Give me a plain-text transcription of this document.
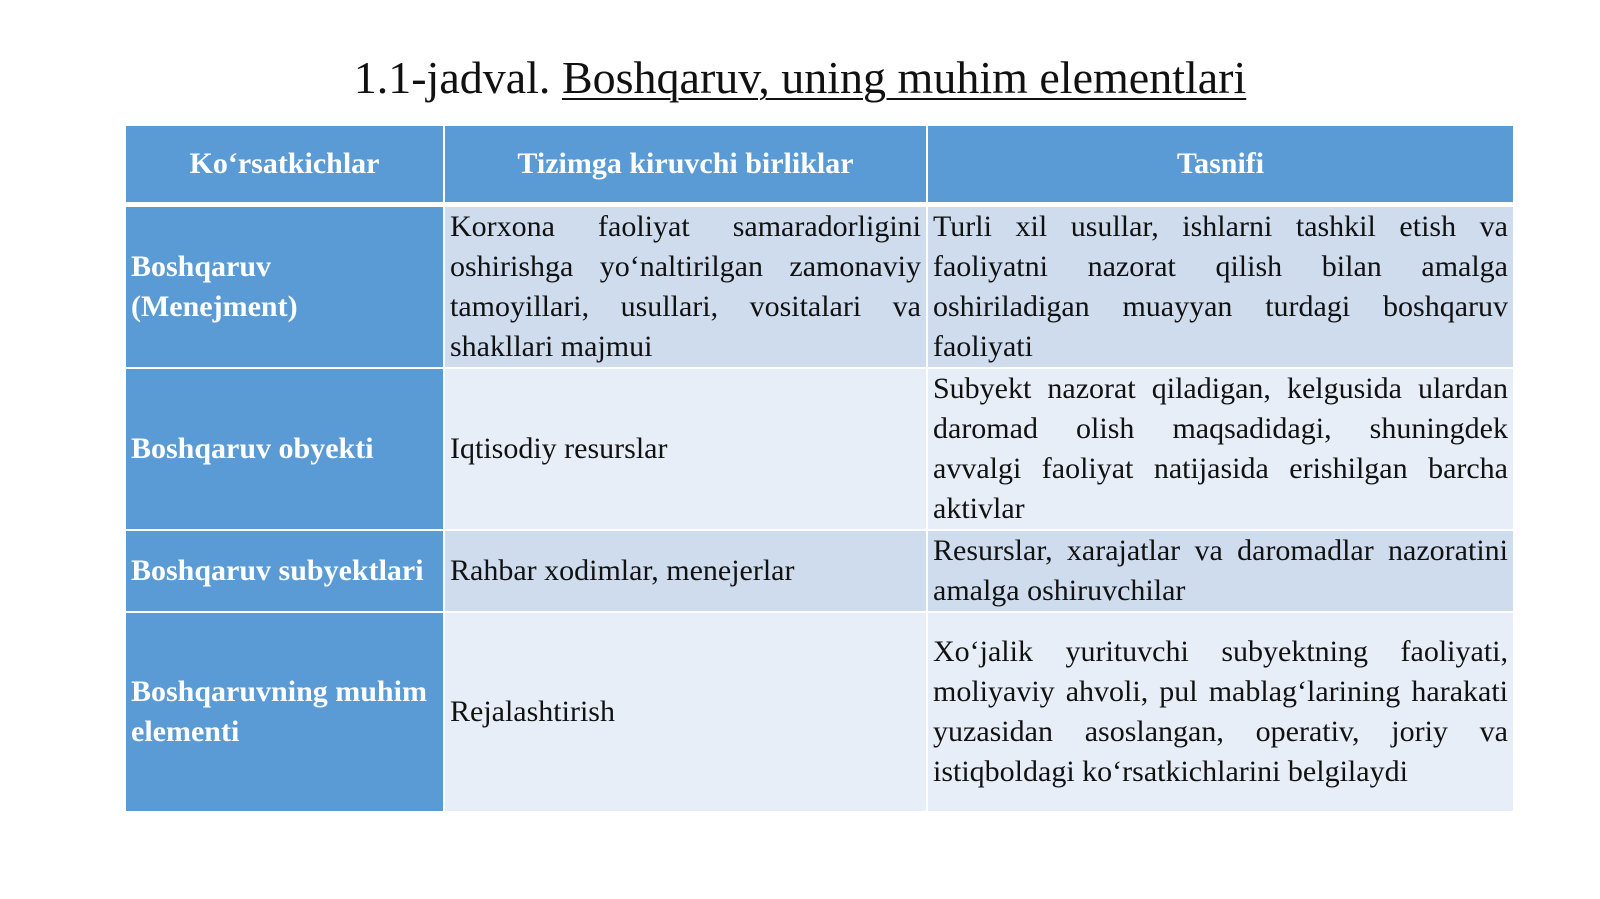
1.1-jadval. Boshqaruv, uning muhim elementlari
Ko‘rsatkichlar	Tizimga kiruvchi birliklar	Tasnifi
Boshqaruv (Menejment)	Korxona faoliyat samaradorligini oshirishga yo‘naltirilgan zamonaviy tamoyillari, usullari, vositalari va shakllari majmui	Turli xil usullar, ishlarni tashkil etish va faoliyatni nazorat qilish bilan amalga oshiriladigan muayyan turdagi boshqaruv faoliyati
Boshqaruv obyekti	Iqtisodiy resurslar	Subyekt nazorat qiladigan, kelgusida ulardan daromad olish maqsadidagi, shuningdek avvalgi faoliyat natijasida erishilgan barcha aktivlar
Boshqaruv subyektlari	Rahbar xodimlar, menejerlar	Resurslar, xarajatlar va daromadlar nazoratini amalga oshiruvchilar
Boshqaruvning muhim elementi	Rejalashtirish	Xo‘jalik yurituvchi subyektning faoliyati, moliyaviy ahvoli, pul mablag‘larining harakati yuzasidan asoslangan, operativ, joriy va istiqboldagi ko‘rsatkichlarini belgilaydi
